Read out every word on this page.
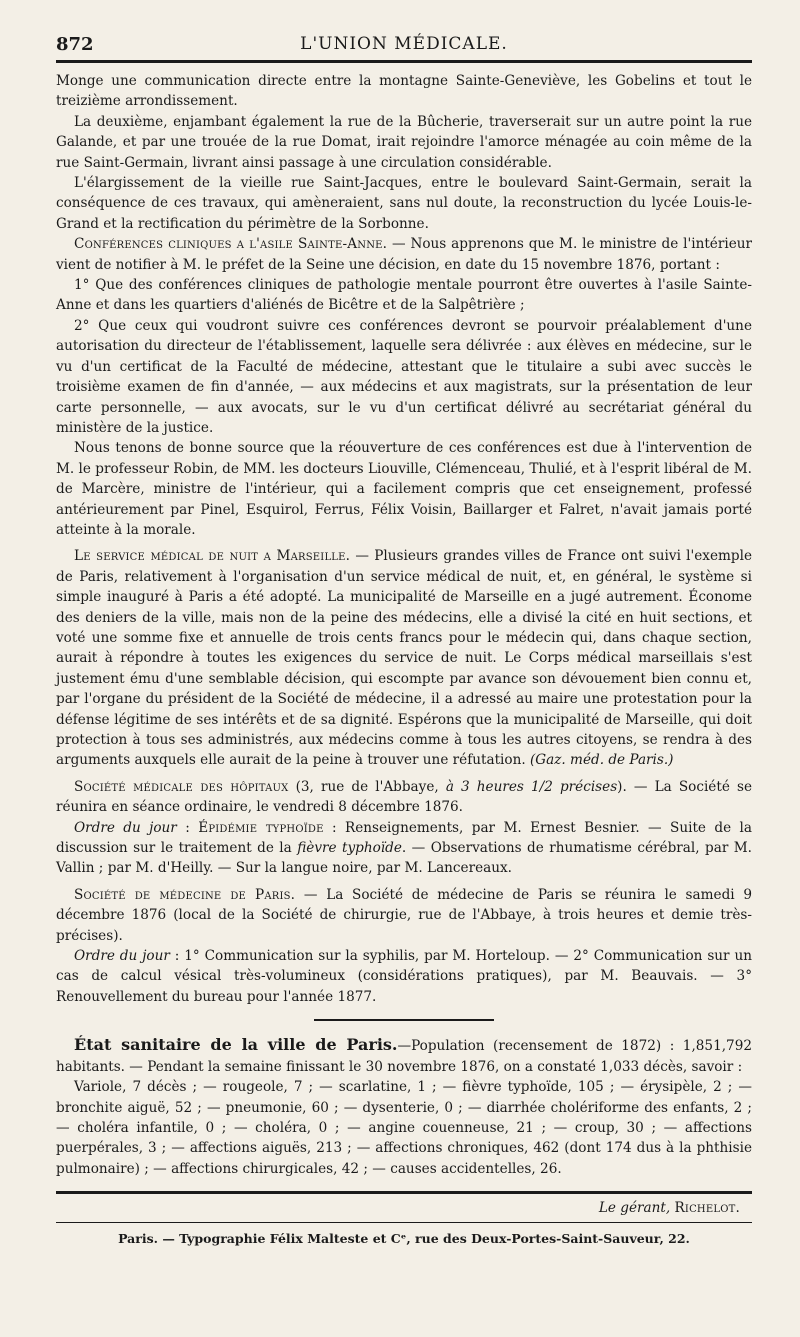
872	L'UNION MÉDICALE.

Monge une communication directe entre la montagne Sainte-Geneviève, les Gobelins et tout le treizième arrondissement.

La deuxième, enjambant également la rue de la Bûcherie, traverserait sur un autre point la rue Galande, et par une trouée de la rue Domat, irait rejoindre l'amorce ménagée au coin même de la rue Saint-Germain, livrant ainsi passage à une circulation considérable.

L'élargissement de la vieille rue Saint-Jacques, entre le boulevard Saint-Germain, serait la conséquence de ces travaux, qui amèneraient, sans nul doute, la reconstruction du lycée Louis-le-Grand et la rectification du périmètre de la Sorbonne.

Conférences cliniques a l'asile Sainte-Anne. — Nous apprenons que M. le ministre de l'intérieur vient de notifier à M. le préfet de la Seine une décision, en date du 15 novembre 1876, portant :

1° Que des conférences cliniques de pathologie mentale pourront être ouvertes à l'asile Sainte-Anne et dans les quartiers d'aliénés de Bicêtre et de la Salpêtrière ;

2° Que ceux qui voudront suivre ces conférences devront se pourvoir préalablement d'une autorisation du directeur de l'établissement, laquelle sera délivrée : aux élèves en médecine, sur le vu d'un certificat de la Faculté de médecine, attestant que le titulaire a subi avec succès le troisième examen de fin d'année, — aux médecins et aux magistrats, sur la présentation de leur carte personnelle, — aux avocats, sur le vu d'un certificat délivré au secrétariat général du ministère de la justice.

Nous tenons de bonne source que la réouverture de ces conférences est due à l'intervention de M. le professeur Robin, de MM. les docteurs Liouville, Clémenceau, Thulié, et à l'esprit libéral de M. de Marcère, ministre de l'intérieur, qui a facilement compris que cet enseignement, professé antérieurement par Pinel, Esquirol, Ferrus, Félix Voisin, Baillarger et Falret, n'avait jamais porté atteinte à la morale.

Le service médical de nuit a Marseille. — Plusieurs grandes villes de France ont suivi l'exemple de Paris, relativement à l'organisation d'un service médical de nuit, et, en général, le système si simple inauguré à Paris a été adopté. La municipalité de Marseille en a jugé autrement. Économe des deniers de la ville, mais non de la peine des médecins, elle a divisé la cité en huit sections, et voté une somme fixe et annuelle de trois cents francs pour le médecin qui, dans chaque section, aurait à répondre à toutes les exigences du service de nuit. Le Corps médical marseillais s'est justement ému d'une semblable décision, qui escompte par avance son dévouement bien connu et, par l'organe du président de la Société de médecine, il a adressé au maire une protestation pour la défense légitime de ses intérêts et de sa dignité. Espérons que la municipalité de Marseille, qui doit protection à tous ses administrés, aux médecins comme à tous les autres citoyens, se rendra à des arguments auxquels elle aurait de la peine à trouver une réfutation. (Gaz. méd. de Paris.)

Société médicale des hôpitaux (3, rue de l'Abbaye, à 3 heures 1/2 précises). — La Société se réunira en séance ordinaire, le vendredi 8 décembre 1876.

Ordre du jour : Épidémie typhoïde : Renseignements, par M. Ernest Besnier. — Suite de la discussion sur le traitement de la fièvre typhoïde. — Observations de rhumatisme cérébral, par M. Vallin ; par M. d'Heilly. — Sur la langue noire, par M. Lancereaux.

Société de médecine de Paris. — La Société de médecine de Paris se réunira le samedi 9 décembre 1876 (local de la Société de chirurgie, rue de l'Abbaye, à trois heures et demie très-précises).

Ordre du jour : 1° Communication sur la syphilis, par M. Horteloup. — 2° Communication sur un cas de calcul vésical très-volumineux (considérations pratiques), par M. Beauvais. — 3° Renouvellement du bureau pour l'année 1877.

État sanitaire de la ville de Paris.—Population (recensement de 1872) : 1,851,792 habitants. — Pendant la semaine finissant le 30 novembre 1876, on a constaté 1,033 décès, savoir :

Variole, 7 décès ; — rougeole, 7 ; — scarlatine, 1 ; — fièvre typhoïde, 105 ; — érysipèle, 2 ; — bronchite aiguë, 52 ; — pneumonie, 60 ; — dysenterie, 0 ; — diarrhée cholériforme des enfants, 2 ; — choléra infantile, 0 ; — choléra, 0 ; — angine couenneuse, 21 ; — croup, 30 ; — affections puerpérales, 3 ; — affections aiguës, 213 ; — affections chroniques, 462 (dont 174 dus à la phthisie pulmonaire) ; — affections chirurgicales, 42 ; — causes accidentelles, 26.

Le gérant, Richelot.
Paris. — Typographie Félix Malteste et Cᵉ, rue des Deux-Portes-Saint-Sauveur, 22.
